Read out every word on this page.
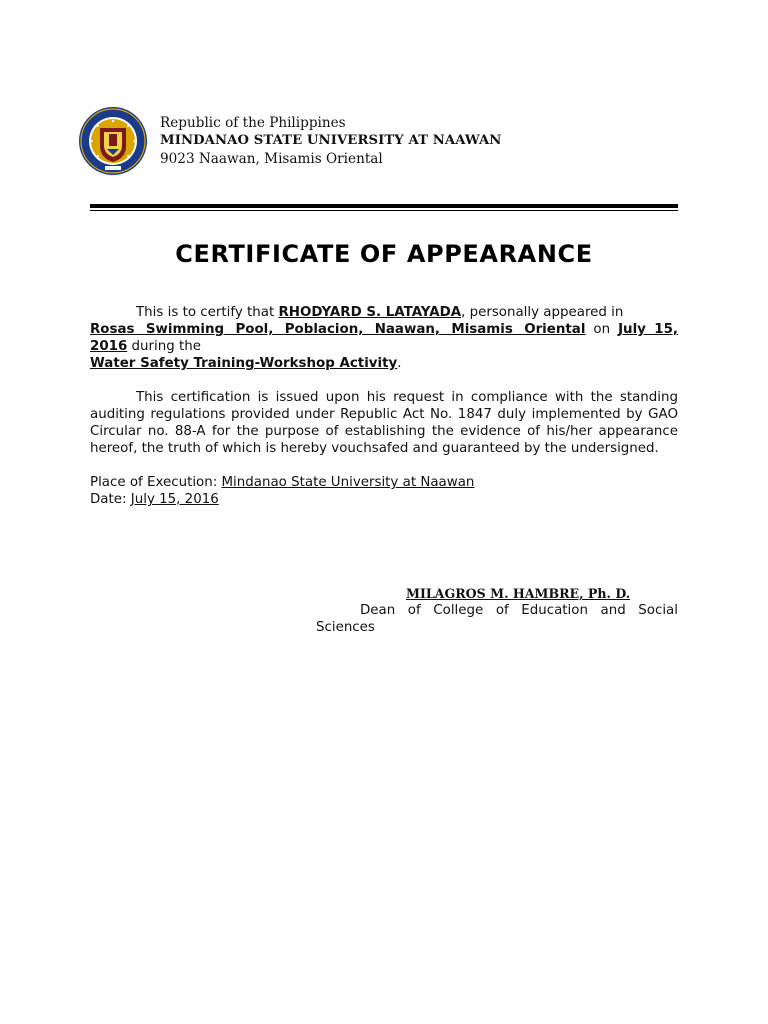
Republic of the Philippines
MINDANAO STATE UNIVERSITY AT NAAWAN
9023 Naawan, Misamis Oriental
CERTIFICATE OF APPEARANCE

This is to certify that RHODYARD S. LATAYADA, personally appeared in
Rosas Swimming Pool, Poblacion, Naawan, Misamis Oriental on July 15,
2016 during the
Water Safety Training-Workshop Activity.

This certification is issued upon his request in compliance with the standing auditing regulations provided under Republic Act No. 1847 duly implemented by GAO Circular no. 88-A for the purpose of establishing the evidence of his/her appearance hereof, the truth of which is hereby vouchsafed and guaranteed by the undersigned.

Place of Execution: Mindanao State University at Naawan
Date: July 15, 2016

MILAGROS M. HAMBRE, Ph. D.
Dean of College of Education and Social Sciences
